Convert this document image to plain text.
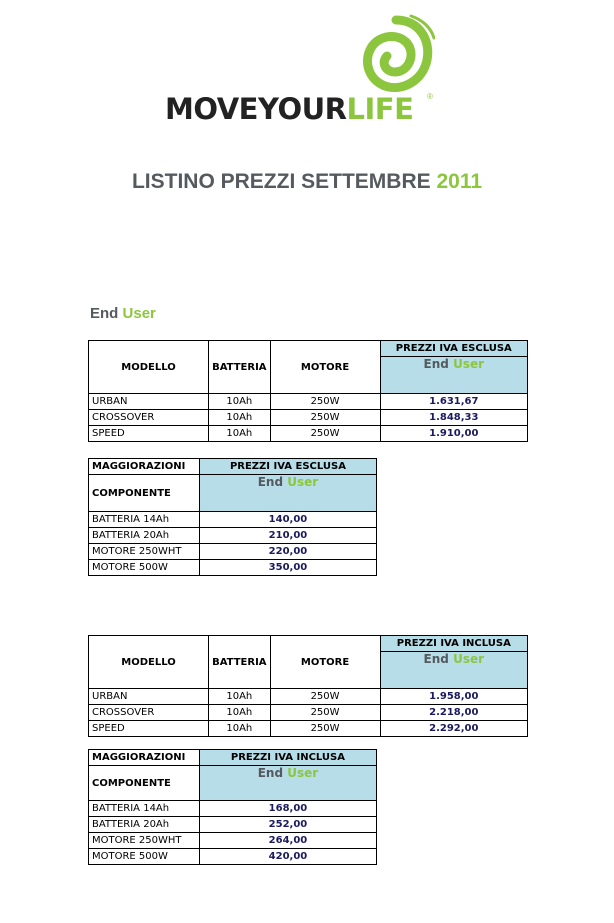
MOVEYOURLIFE ®
LISTINO PREZZI SETTEMBRE 2011
End User
MODELLO	BATTERIA	MOTORE	PREZZI IVA ESCLUSA

			End User

URBAN	10Ah	250W	1.631,67
CROSSOVER	10Ah	250W	1.848,33
SPEED	10Ah	250W	1.910,00
MAGGIORAZIONI	PREZZI IVA ESCLUSA
COMPONENTE	End User

BATTERIA 14Ah	140,00
BATTERIA 20Ah	210,00
MOTORE 250WHT	220,00
MOTORE 500W	350,00
MODELLO	BATTERIA	MOTORE	PREZZI IVA INCLUSA

			End User

URBAN	10Ah	250W	1.958,00
CROSSOVER	10Ah	250W	2.218,00
SPEED	10Ah	250W	2.292,00
MAGGIORAZIONI	PREZZI IVA INCLUSA
COMPONENTE	End User

BATTERIA 14Ah	168,00
BATTERIA 20Ah	252,00
MOTORE 250WHT	264,00
MOTORE 500W	420,00
